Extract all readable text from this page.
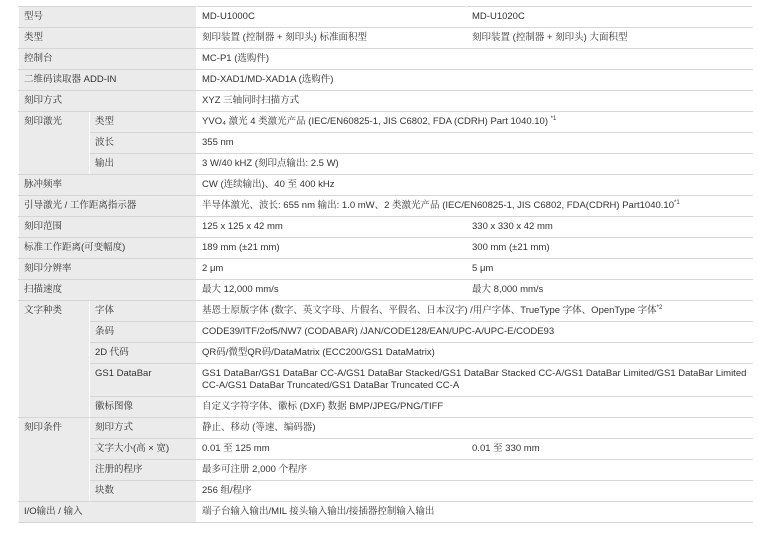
型号		MD-U1000C	MD-U1020C
类型		刻印装置 (控制器 + 刻印头) 标准面积型	刻印装置 (控制器 + 刻印头) 大面积型
控制台		MC-P1 (选购件)	
二维码读取器 ADD-IN		MD-XAD1/MD-XAD1A (选购件)	
刻印方式		XYZ 三轴同时扫描方式	
刻印激光	类型	YVO₄ 激光 4 类激光产品 (IEC/EN60825-1, JIS C6802, FDA (CDRH) Part 1040.10) $^{*1}$
	波长	355 nm	
	输出	3 W/40 kHZ (刻印点输出: 2.5 W)	
脉冲频率		CW (连续输出)、40 至 400 kHz	
引导激光 / 工作距离指示器		半导体激光、波长: 655 nm 输出: 1.0 mW、2 类激光产品 (IEC/EN60825-1, JIS C6802, FDA(CDRH) Part1040.10$^{*1}$
刻印范围		125 x 125 x 42 mm	330 x 330 x 42 mm
标准工作距离(可变幅度)		189 mm (±21 mm)	300 mm (±21 mm)
刻印分辨率		2 μm	5 μm
扫描速度		最大 12,000 mm/s	最大 8,000 mm/s
文字种类	字体	基恩士原版字体 (数字、英文字母、片假名、平假名、日本汉字) /用户字体、TrueType 字体、OpenType 字体$^{*2}$
	条码	CODE39/ITF/2of5/NW7 (CODABAR) /JAN/CODE128/EAN/UPC-A/UPC-E/CODE93	
	2D 代码	QR码/微型QR码/DataMatrix (ECC200/GS1 DataMatrix)	
	GS1 DataBar	GS1 DataBar/GS1 DataBar CC-A/GS1 DataBar Stacked/GS1 DataBar Stacked CC-A/GS1 DataBar Limited/GS1 DataBar Limited CC-A/GS1 DataBar Truncated/GS1 DataBar Truncated CC-A	
	徽标图像	自定义字符字体、徽标 (DXF) 数据 BMP/JPEG/PNG/TIFF	
刻印条件	刻印方式	静止、移动 (等速、编码器)	
	文字大小(高 × 宽)	0.01 至 125 mm	0.01 至 330 mm
	注册的程序	最多可注册 2,000 个程序	
	块数	256 组/程序	
I/O输出 / 输入		端子台输入输出/MIL 接头输入输出/接插器控制输入输出	
